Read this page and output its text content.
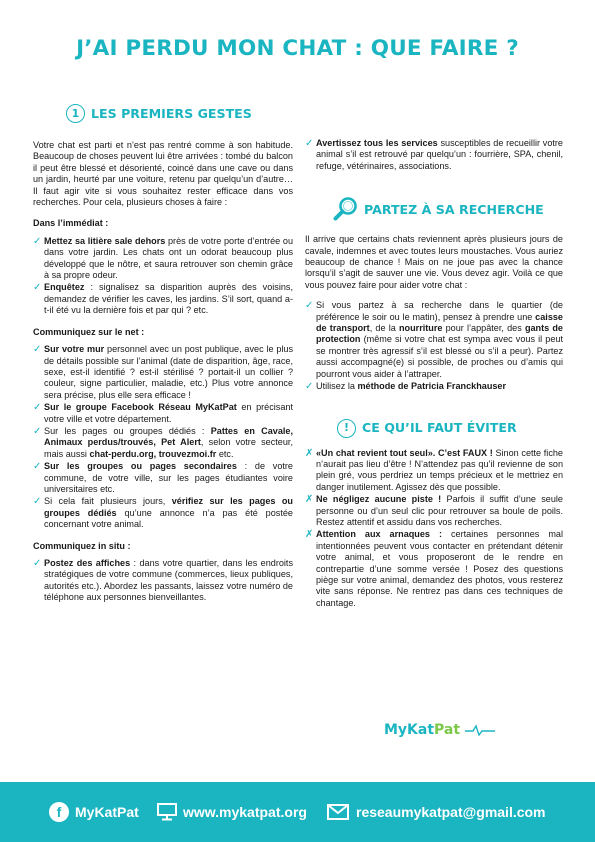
J’AI PERDU MON CHAT : QUE FAIRE ?
1 LES PREMIERS GESTES

Votre chat est parti et n’est pas rentré comme à son habitude. Beaucoup de choses peuvent lui être arrivées : tombé du balcon il peut être blessé et désorienté, coincé dans une cave ou dans un jardin, heurté par une voiture, retenu par quelqu’un d’autre… Il faut agir vite si vous souhaitez rester efficace dans vos recherches. Pour cela, plusieurs choses à faire :

Dans l’immédiat :
✓ Mettez sa litière sale dehors près de votre porte d’entrée ou dans votre jardin. Les chats ont un odorat beaucoup plus développé que le nôtre, et saura retrouver son chemin grâce à sa propre odeur.
✓ Enquêtez : signalisez sa disparition auprès des voisins, demandez de vérifier les caves, les jardins. S’il sort, quand a-t-il été vu la dernière fois et par qui ? etc.
Communiquez sur le net :
✓ Sur votre mur personnel avec un post publique, avec le plus de détails possible sur l’animal (date de disparition, âge, race, sexe, est-il identifié ? est-il stérilisé ? portait-il un collier ? couleur, signe particulier, maladie, etc.) Plus votre annonce sera précise, plus elle sera efficace !
✓ Sur le groupe Facebook Réseau MyKatPat en précisant votre ville et votre département.
✓ Sur les pages ou groupes dédiés : Pattes en Cavale, Animaux perdus/trouvés, Pet Alert, selon votre secteur, mais aussi chat-perdu.org, trouvezmoi.fr etc.
✓ Sur les groupes ou pages secondaires : de votre commune, de votre ville, sur les pages étudiantes voire universitaires etc.
✓ Si cela fait plusieurs jours, vérifiez sur les pages ou groupes dédiés qu’une annonce n’a pas été postée concernant votre animal.
Communiquez in situ :
✓ Postez des affiches : dans votre quartier, dans les endroits stratégiques de votre commune (commerces, lieux publiques, autorités etc.). Abordez les passants, laissez votre numéro de téléphone aux personnes bienveillantes.
✓ Avertissez tous les services susceptibles de recueillir votre animal s’il est retrouvé par quelqu’un : fourrière, SPA, chenil, refuge, vétérinaires, associations.
PARTEZ À SA RECHERCHE

Il arrive que certains chats reviennent après plusieurs jours de cavale, indemnes et avec toutes leurs moustaches. Vous auriez beaucoup de chance ! Mais on ne joue pas avec la chance lorsqu’il s’agit de sauver une vie. Vous devez agir. Voilà ce que vous pouvez faire pour aider votre chat :

✓ Si vous partez à sa recherche dans le quartier (de préférence le soir ou le matin), pensez à prendre une caisse de transport, de la nourriture pour l’appâter, des gants de protection (même si votre chat est sympa avec vous il peut se montrer très agressif s’il est blessé ou s’il a peur). Partez aussi accompagné(e) si possible, de proches ou d’amis qui pourront vous aider à l’attraper.
✓ Utilisez la méthode de Patricia Franckhauser
!	CE QU’IL FAUT ÉVITER
✗ «Un chat revient tout seul». C’est FAUX ! Sinon cette fiche n’aurait pas lieu d’être ! N’attendez pas qu’il revienne de son plein gré, vous perdriez un temps précieux et le mettriez en danger inutilement. Agissez dès que possible.
✗ Ne négligez aucune piste ! Parfois il suffit d’une seule personne ou d’un seul clic pour retrouver sa boule de poils. Restez attentif et assidu dans vos recherches.
✗ Attention aux arnaques : certaines personnes mal intentionnées peuvent vous contacter en prétendant détenir votre animal, et vous proposeront de le rendre en contrepartie d’une somme versée ! Posez des questions piège sur votre animal, demandez des photos, vous resterez vite sans réponse. Ne rentrez pas dans ces techniques de chantage.
MyKatPat
f MyKatPat	www.mykatpat.org	reseaumykatpat@gmail.com
